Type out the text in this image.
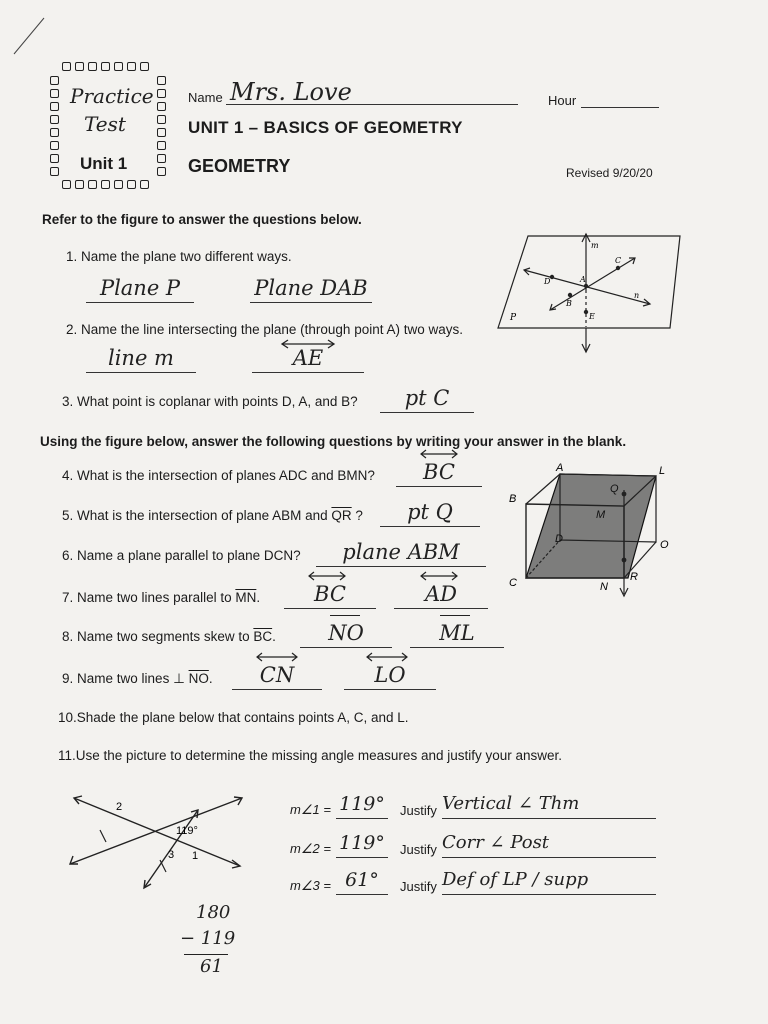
Practice
Test
Unit 1
Name Mrs. Love	Hour
UNIT 1 – BASICS OF GEOMETRY
GEOMETRY	Revised 9/20/20
Refer to the figure to answer the questions below.
1. Name the plane two different ways.
Plane P	Plane DAB
2. Name the line intersecting the plane (through point A) two ways.
line m	AE
3. What point is coplanar with points D, A, and B?	pt C
m
C
D	A
B
n
E
P
Using the figure below, answer the following questions by writing your answer in the blank.
4. What is the intersection of planes ADC and BMN?	BC
5. What is the intersection of plane ABM and $\overline{QR}$ ?	pt Q
6. Name a plane parallel to plane DCN?	plane ABM
7. Name two lines parallel to $\overline{MN}$.	BC	AD
8. Name two segments skew to $\overline{BC}$.	NO	ML
9. Name two lines ⊥ $\overline{NO}$.	CN	LO
10.Shade the plane below that contains points A, C, and L.
11.Use the picture to determine the missing angle measures and justify your answer.
A	L
B
Q
M
D	O
C	N
R
2
119°
3 1
m∠1 = 119° Justify Vertical ∠ Thm
m∠2 = 119° Justify Corr ∠ Post
m∠3 = 61°	Justify Def of LP / supp
180
− 119
61
